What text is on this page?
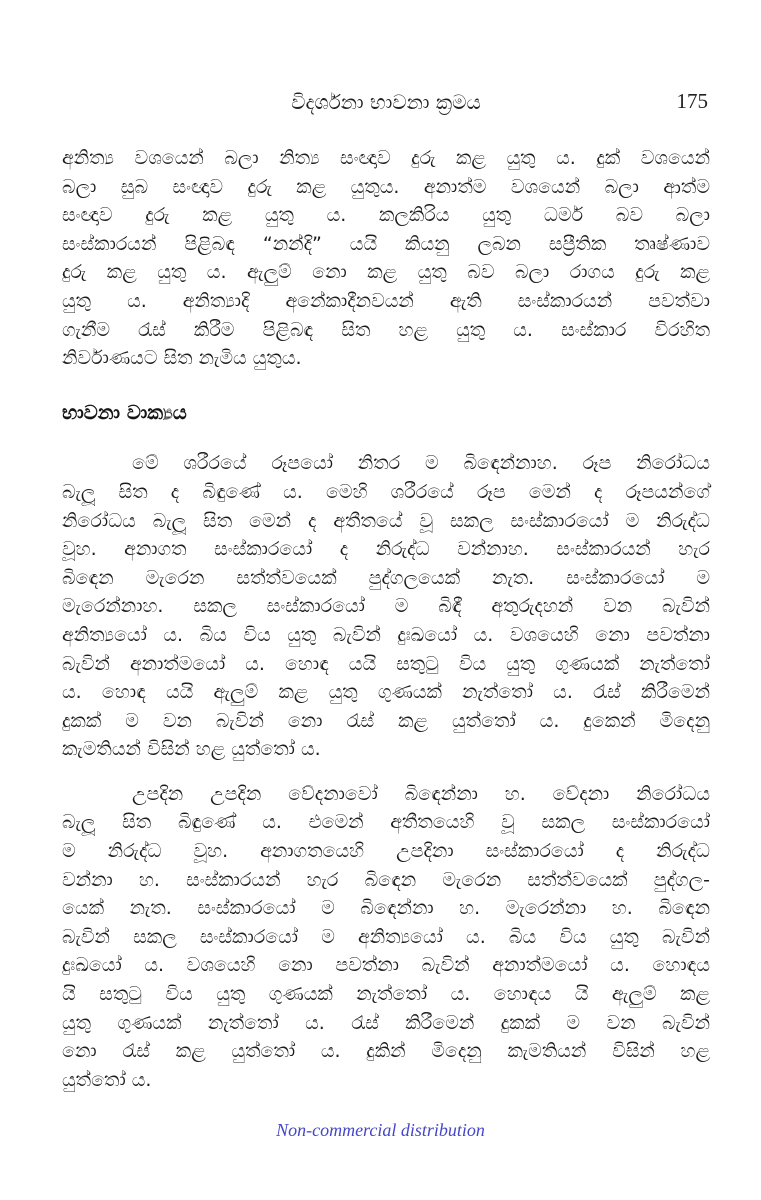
විදර්ශනා භාවනා ක්‍රමය	175
අනිත්‍ය වශයෙන් බලා නිත්‍ය සංඥාව දුරු කළ යුතු ය. දුක් වශයෙන්
බලා සුබ සංඥාව දුරු කළ යුතුය. අනාත්ම වශයෙන් බලා ආත්ම
සංඥාව දුරු කළ යුතු ය. කලකිරිය යුතු ධර්ම බව බලා
සංස්කාරයන් පිළිබඳ “නන්දි” යයි කියනු ලබන සප්‍රීතික තෘෂ්ණාව
දුරු කළ යුතු ය. ඇලුම් නො කළ යුතු බව බලා රාගය දුරු කළ
යුතු ය. අනිත්‍යාදි අනේකාදීනවයන් ඇති සංස්කාරයන් පවත්වා
ගැනීම රැස් කිරීම පිළිබඳ සිත හළ යුතු ය. සංස්කාර විරහිත
නිර්වාණයට සිත නැමිය යුතුය.
භාවනා වාක්‍යය
මේ ශරීරයේ රූපයෝ නිතර ම බිඳෙන්නාහ. රූප නිරෝධය
බැලූ සිත ද බිඳුණේ ය. මෙහි ශරීරයේ රූප මෙන් ද රූපයන්ගේ
නිරෝධය බැලූ සිත මෙන් ද අතීතයේ වූ සකල සංස්කාරයෝ ම නිරුද්ධ
වූහ. අනාගත සංස්කාරයෝ ද නිරුද්ධ වන්නාහ. සංස්කාරයන් හැර
බිඳෙන මැරෙන සත්ත්වයෙක් පුද්ගලයෙක් නැත. සංස්කාරයෝ ම
මැරෙන්නාහ. සකල සංස්කාරයෝ ම බිඳී අතුරුදහන් වන බැවින්
අනිත්‍යයෝ ය. බිය විය යුතු බැවින් දුඃඛයෝ ය. වශයෙහි නො පවත්නා
බැවින් අනාත්මයෝ ය. හොඳ යයි සතුටු විය යුතු ගුණයක් නැත්තෝ
ය. හොඳ යයි ඇලුම් කළ යුතු ගුණයක් නැත්තෝ ය. රැස් කිරීමෙන්
දුකක් ම වන බැවින් නො රැස් කළ යුත්තෝ ය. දුකෙන් මිදෙනු
කැමතියන් විසින් හළ යුත්තෝ ය.
උපදින උපදින වේදනාවෝ බිඳෙන්නා හ. වේදනා නිරෝධය
බැලූ සිත බිඳුණේ ය. එමෙන් අතීතයෙහි වූ සකල සංස්කාරයෝ
ම නිරුද්ධ වූහ. අනාගතයෙහි උපදිනා සංස්කාරයෝ ද නිරුද්ධ
වන්නා හ. සංස්කාරයන් හැර බිඳෙන මැරෙන සත්ත්වයෙක් පුද්ගල-
යෙක් නැත. සංස්කාරයෝ ම බිඳෙන්නා හ. මැරෙන්නා හ. බිඳෙන
බැවින් සකල සංස්කාරයෝ ම අනිත්‍යයෝ ය. බිය විය යුතු බැවින්
දුඃඛයෝ ය. වශයෙහි නො පවත්නා බැවින් අනාත්මයෝ ය. හොඳය
යි සතුටු විය යුතු ගුණයක් නැත්තෝ ය. හොඳය යි ඇලුම් කළ
යුතු ගුණයක් නැත්තෝ ය. රැස් කිරීමෙන් දුකක් ම වන බැවින්
නො රැස් කළ යුත්තෝ ය. දුකින් මිදෙනු කැමතියන් විසින් හළ
යුත්තෝ ය.
Non-commercial distribution
